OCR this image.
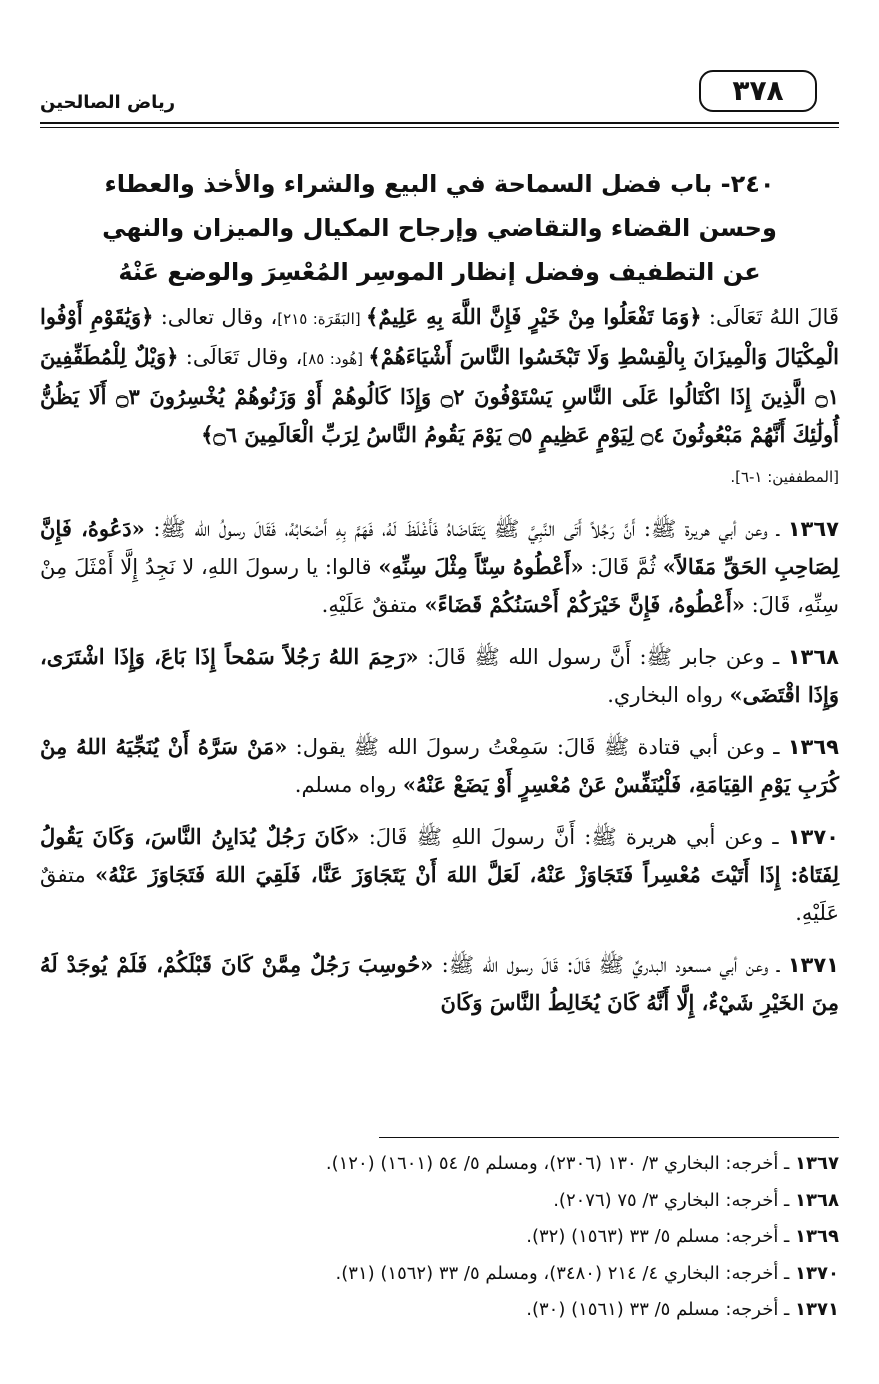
٣٧٨
رياض الصالحين
٢٤٠- باب فضل السماحة في البيع والشراء والأخذ والعطاء
وحسن القضاء والتقاضي وإرجاح المكيال والميزان والنهي
عن التطفيف وفضل إنظار الموسِر المُعْسِرَ والوضع عَنْهُ

قَالَ اللهُ تَعَالَى: ﴿وَمَا تَفْعَلُوا مِنْ خَيْرٍ فَإِنَّ اللَّهَ بِهِ عَلِيمٌ﴾ [البَقَرَة: ٢١٥]، وقال تعالى: ﴿وَيَٰقَوْمِ أَوْفُوا الْمِكْيَالَ وَالْمِيزَانَ بِالْقِسْطِ وَلَا تَبْخَسُوا النَّاسَ أَشْيَاءَهُمْ﴾ [هُود: ٨٥]، وقال تَعَالَى: ﴿وَيْلٌ لِلْمُطَفِّفِينَ ۝١ الَّذِينَ إِذَا اكْتَالُوا عَلَى النَّاسِ يَسْتَوْفُونَ ۝٢ وَإِذَا كَالُوهُمْ أَوْ وَزَنُوهُمْ يُخْسِرُونَ ۝٣ أَلَا يَظُنُّ أُولَٰئِكَ أَنَّهُمْ مَبْعُوثُونَ ۝٤ لِيَوْمٍ عَظِيمٍ ۝٥ يَوْمَ يَقُومُ النَّاسُ لِرَبِّ الْعَالَمِينَ ۝٦﴾

[المطففين: ١-٦].

١٣٦٧ ـ وعن أبي هريرة ﷺ: أَنَّ رَجُلاً أَتَى النَّبِيَّ ﷺ يَتَقَاضَاهُ فَأَغْلَظَ لَهُ، فَهَمَّ بِهِ أَصْحَابُهُ، فَقَالَ رسولُ الله ﷺ: «دَعُوهُ، فَإِنَّ لِصَاحِبِ الحَقِّ مَقَالاً» ثُمَّ قَالَ: «أَعْطُوهُ سِنّاً مِثْلَ سِنِّهِ» قالوا: يا رسولَ اللهِ، لا نَجِدُ إِلَّا أَمْثَلَ مِنْ سِنِّهِ، قَالَ: «أَعْطُوهُ، فَإِنَّ خَيْرَكُمْ أَحْسَنُكُمْ قَضَاءً» متفقٌ عَلَيْهِ.

١٣٦٨ ـ وعن جابر ﷺ: أَنَّ رسول الله ﷺ قَالَ: «رَحِمَ اللهُ رَجُلاً سَمْحاً إِذَا بَاعَ، وَإِذَا اشْتَرَى، وَإِذَا اقْتَضَى» رواه البخاري.

١٣٦٩ ـ وعن أبي قتادة ﷺ قَالَ: سَمِعْتُ رسولَ الله ﷺ يقول: «مَنْ سَرَّهُ أَنْ يُنَجِّيَهُ اللهُ مِنْ كُرَبِ يَوْمِ القِيَامَةِ، فَلْيُنَفِّسْ عَنْ مُعْسِرٍ أَوْ يَضَعْ عَنْهُ» رواه مسلم.

١٣٧٠ ـ وعن أبي هريرة ﷺ: أَنَّ رسولَ اللهِ ﷺ قَالَ: «كَانَ رَجُلٌ يُدَايِنُ النَّاسَ، وَكَانَ يَقُولُ لِفَتَاهُ: إِذَا أَتَيْتَ مُعْسِراً فَتَجَاوَزْ عَنْهُ، لَعَلَّ اللهَ أَنْ يَتَجَاوَزَ عَنَّا، فَلَقِيَ اللهَ فَتَجَاوَزَ عَنْهُ» متفقٌ عَلَيْهِ.

١٣٧١ ـ وعن أبي مسعود البدريِّ ﷺ قَالَ: قَالَ رسول الله ﷺ: «حُوسِبَ رَجُلٌ مِمَّنْ كَانَ قَبْلَكُمْ، فَلَمْ يُوجَدْ لَهُ مِنَ الخَيْرِ شَيْءٌ، إِلَّا أَنَّهُ كَانَ يُخَالِطُ النَّاسَ وَكَانَ

١٣٦٧ ـ أخرجه: البخاري ٣/ ١٣٠ (٢٣٠٦)، ومسلم ٥/ ٥٤ (١٦٠١) (١٢٠).
١٣٦٨ ـ أخرجه: البخاري ٣/ ٧٥ (٢٠٧٦).
١٣٦٩ ـ أخرجه: مسلم ٥/ ٣٣ (١٥٦٣) (٣٢).
١٣٧٠ ـ أخرجه: البخاري ٤/ ٢١٤ (٣٤٨٠)، ومسلم ٥/ ٣٣ (١٥٦٢) (٣١).
١٣٧١ ـ أخرجه: مسلم ٥/ ٣٣ (١٥٦١) (٣٠).
